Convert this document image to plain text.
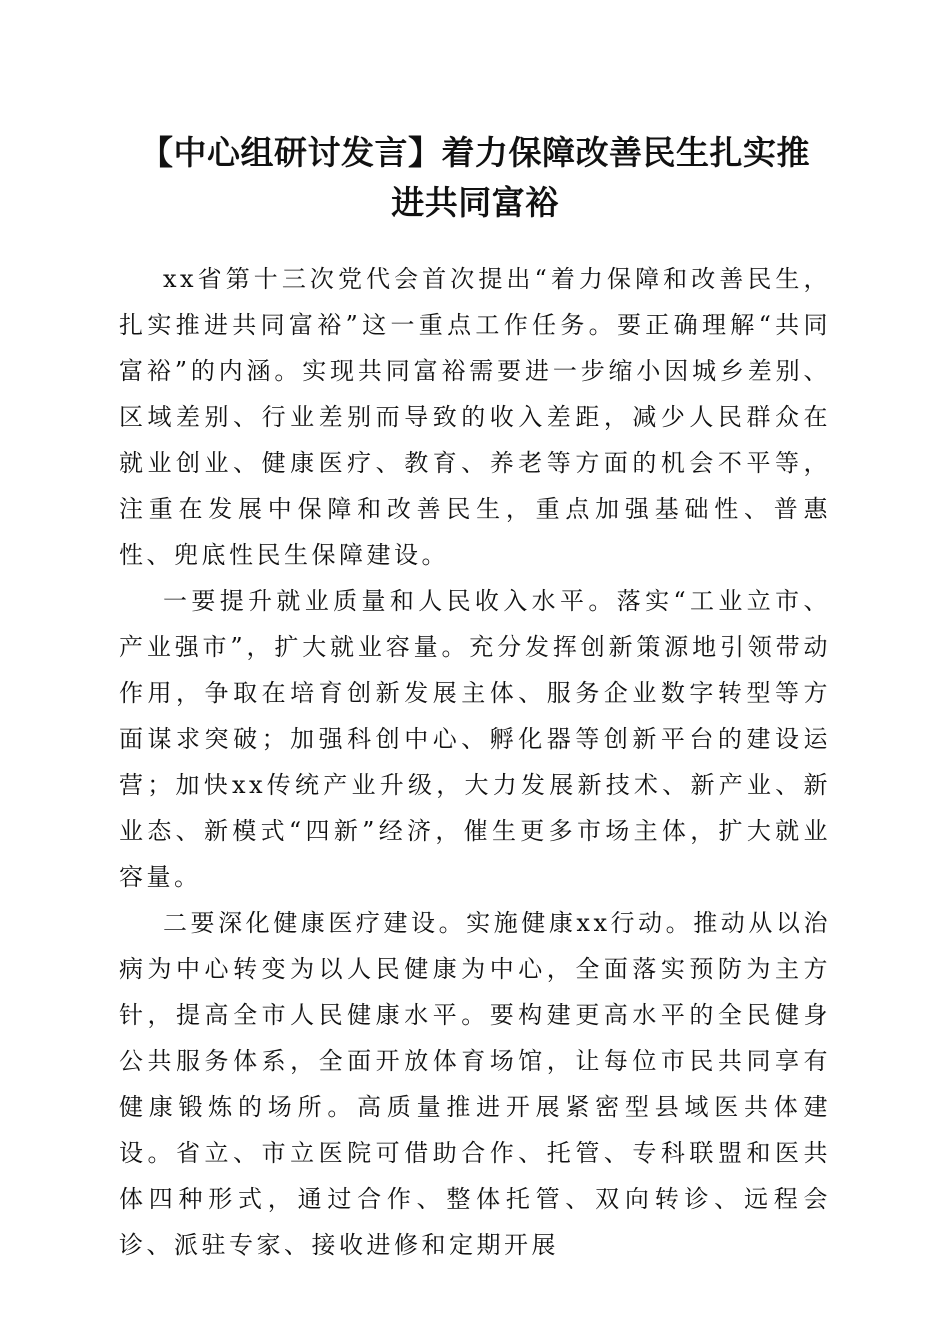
【中心组研讨发言】着力保障改善民生扎实推
进共同富裕

xx省第十三次党代会首次提出“着力保障和改善民生，扎实推进共同富裕”这一重点工作任务。要正确理解“共同富裕”的内涵。实现共同富裕需要进一步缩小因城乡差别、区域差别、行业差别而导致的收入差距，减少人民群众在就业创业、健康医疗、教育、养老等方面的机会不平等，注重在发展中保障和改善民生，重点加强基础性、普惠性、兜底性民生保障建设。

一要提升就业质量和人民收入水平。落实“工业立市、产业强市”，扩大就业容量。充分发挥创新策源地引领带动作用，争取在培育创新发展主体、服务企业数字转型等方面谋求突破；加强科创中心、孵化器等创新平台的建设运营；加快xx传统产业升级，大力发展新技术、新产业、新业态、新模式“四新”经济，催生更多市场主体，扩大就业容量。

二要深化健康医疗建设。实施健康xx行动。推动从以治病为中心转变为以人民健康为中心，全面落实预防为主方针，提高全市人民健康水平。要构建更高水平的全民健身公共服务体系，全面开放体育场馆，让每位市民共同享有健康锻炼的场所。高质量推进开展紧密型县域医共体建设。省立、市立医院可借助合作、托管、专科联盟和医共体四种形式，通过合作、整体托管、双向转诊、远程会诊、派驻专家、接收进修和定期开展
